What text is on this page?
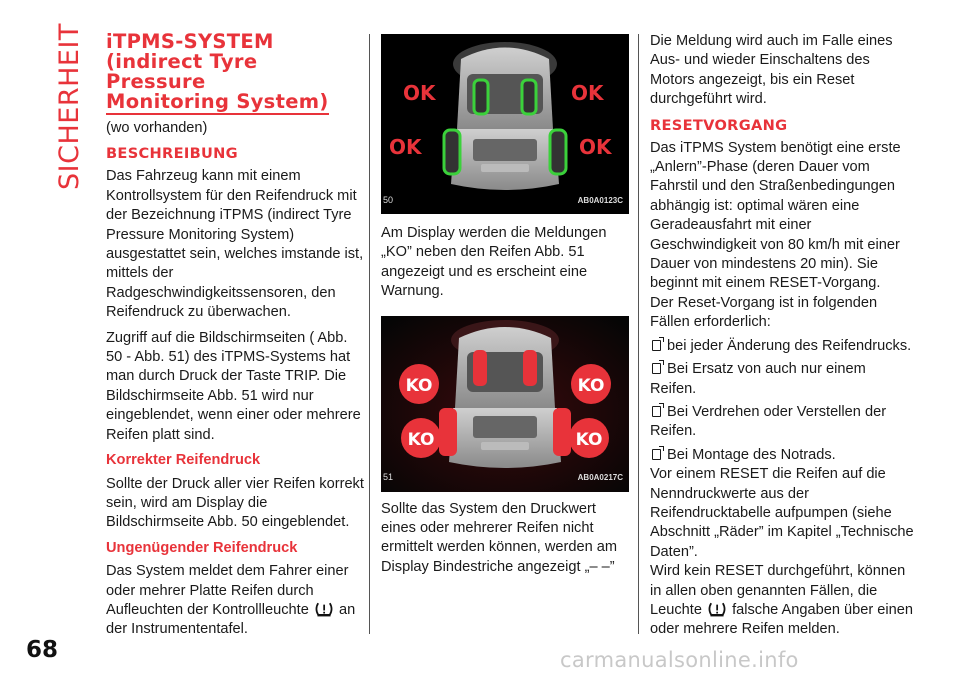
SICHERHEIT	iTPMS-SYSTEM
(indirect Tyre
Pressure
Monitoring System)

(wo vorhanden)

BESCHREIBUNG

Das Fahrzeug kann mit einem Kontrollsystem für den Reifendruck mit der Bezeichnung iTPMS (indirect Tyre Pressure Monitoring System) ausgestattet sein, welches imstande ist, mittels der Radgeschwindigkeitssensoren, den Reifendruck zu überwachen.

Zugriff auf die Bildschirmseiten ( Abb. 50 - Abb. 51) des iTPMS-Systems hat man durch Druck der Taste TRIP. Die Bildschirmseite Abb. 51 wird nur eingeblendet, wenn einer oder mehrere Reifen platt sind.

Korrekter Reifendruck

Sollte der Druck aller vier Reifen korrekt sein, wird am Display die Bildschirmseite Abb. 50 eingeblendet.

Ungenügender Reifendruck

Das System meldet dem Fahrer einer oder mehrer Platte Reifen durch Aufleuchten der Kontrollleuchte an der Instrumententafel.

OK	OK
OK	OK
50	AB0A0123C

Am Display werden die Meldungen „KO” neben den Reifen Abb. 51 angezeigt und es erscheint eine Warnung.

KO	KO
KO	KO
51	AB0A0217C

Sollte das System den Druckwert eines oder mehrerer Reifen nicht ermittelt werden können, werden am Display Bindestriche angezeigt „– –”

Die Meldung wird auch im Falle eines Aus- und wieder Einschaltens des Motors angezeigt, bis ein Reset durchgeführt wird.

RESETVORGANG

Das iTPMS System benötigt eine erste „Anlern”-Phase (deren Dauer vom Fahrstil und den Straßenbedingungen abhängig ist: optimal wären eine Geradeausfahrt mit einer Geschwindigkeit von 80 km/h mit einer Dauer von mindestens 20 min). Sie beginnt mit einem RESET-Vorgang.

Der Reset-Vorgang ist in folgenden Fällen erforderlich:

bei jeder Änderung des Reifendrucks.
Bei Ersatz von auch nur einem Reifen.
Bei Verdrehen oder Verstellen der Reifen.
Bei Montage des Notrads.

Vor einem RESET die Reifen auf die Nenndruckwerte aus der Reifendrucktabelle aufpumpen (siehe Abschnitt „Räder” im Kapitel „Technische Daten”.

Wird kein RESET durchgeführt, können in allen oben genannten Fällen, die Leuchte falsche Angaben über einen oder mehrere Reifen melden.

68	carmanualsonline.info
